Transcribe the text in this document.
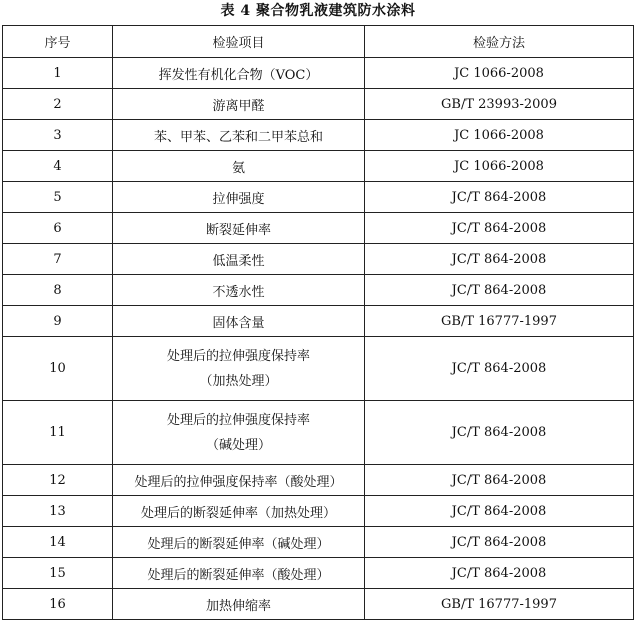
表 4 聚合物乳液建筑防水涂料
序号	检验项目	检验方法
1	挥发性有机化合物（VOC）	JC 1066-2008
2	游离甲醛	GB/T 23993-2009
3	苯、甲苯、乙苯和二甲苯总和	JC 1066-2008
4	氨	JC 1066-2008
5	拉伸强度	JC/T 864-2008
6	断裂延伸率	JC/T 864-2008
7	低温柔性	JC/T 864-2008
8	不透水性	JC/T 864-2008
9	固体含量	GB/T 16777-1997
10	处理后的拉伸强度保持率
（加热处理）	JC/T 864-2008
11	处理后的拉伸强度保持率
（碱处理）	JC/T 864-2008
12	处理后的拉伸强度保持率（酸处理）	JC/T 864-2008
13	处理后的断裂延伸率（加热处理）	JC/T 864-2008
14	处理后的断裂延伸率（碱处理）	JC/T 864-2008
15	处理后的断裂延伸率（酸处理）	JC/T 864-2008
16	加热伸缩率	GB/T 16777-1997
